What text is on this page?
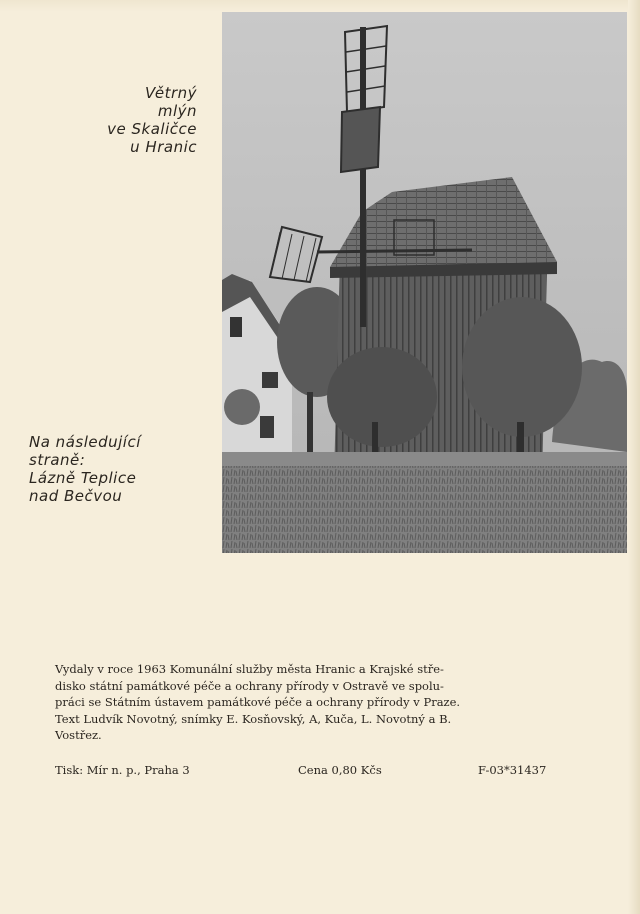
Větrný
mlýn
ve Skaličce
u Hranic
Na následující
straně:
Lázně Teplice
nad Bečvou
Vydaly v roce 1963 Komunální služby města Hranic a Krajské stře-
disko státní památkové péče a ochrany přírody v Ostravě ve spolu-
práci se Státním ústavem památkové péče a ochrany přírody v Praze.
Text Ludvík Novotný, snímky E. Kosňovský, A, Kuča, L. Novotný a B.
Vostřez.
Tisk: Mír n. p., Praha 3	Cena 0,80 Kčs	F-03*31437
